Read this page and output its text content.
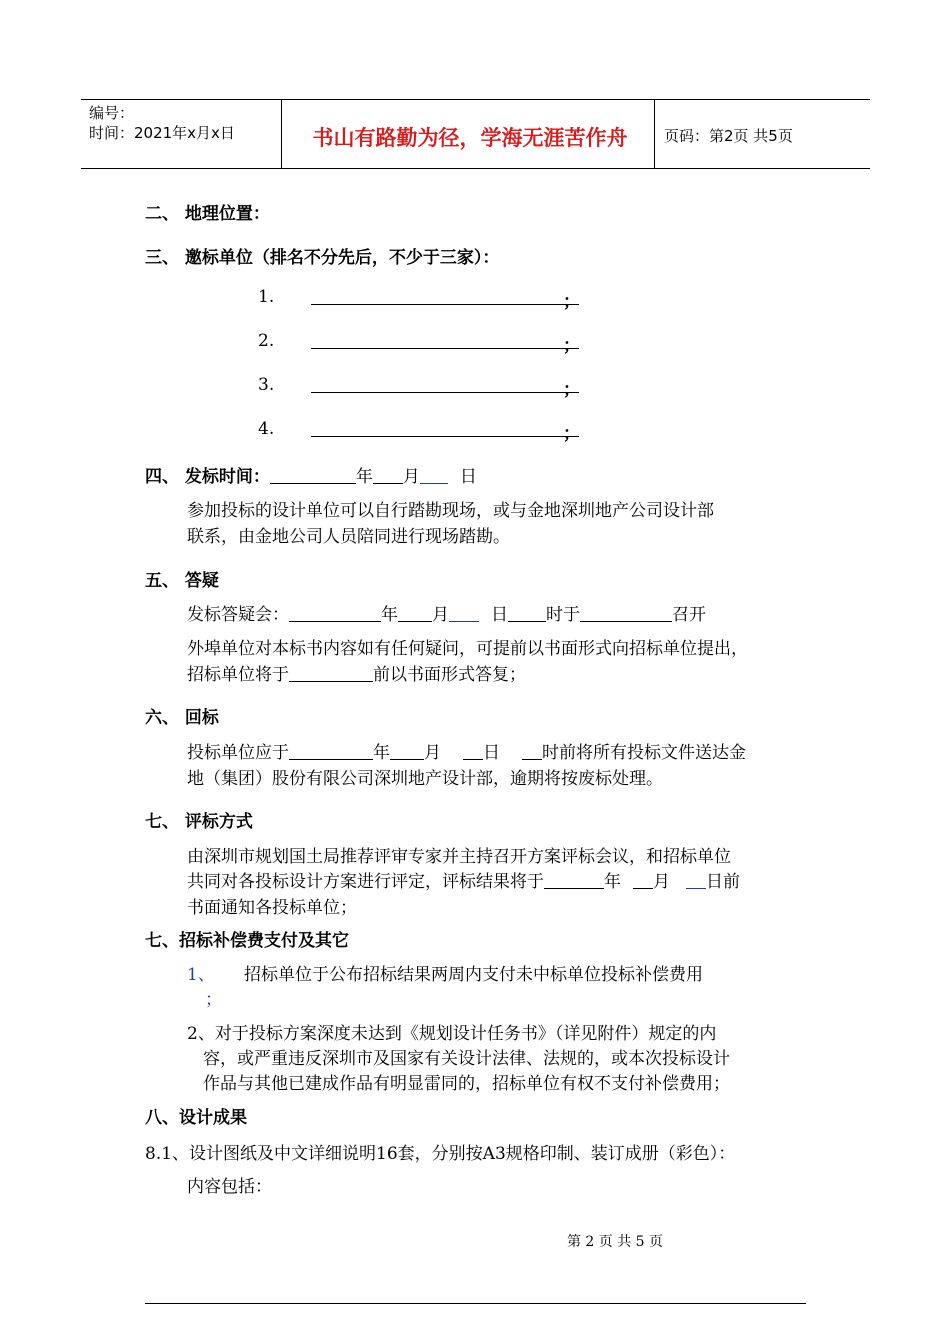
编号：
时间：2021年x月x日	书山有路勤为径，学海无涯苦作舟	页码：第2页 共5页
二、 地理位置：
三、 邀标单位（排名不分先后，不少于三家）：
1.	；
2.	；
3.	；
4.	；
四、 发标时间：	年 月 日
参加投标的设计单位可以自行踏勘现场，或与金地深圳地产公司设计部
联系，由金地公司人员陪同进行现场踏勘。
五、 答疑
发标答疑会：	年 月 日 时于	召开
外埠单位对本标书内容如有任何疑问，可提前以书面形式向招标单位提出，
招标单位将于	前以书面形式答复；
六、 回标
投标单位应于	年 月 日 时前将所有投标文件送达金
地（集团）股份有限公司深圳地产设计部，逾期将按废标处理。
七、 评标方式
由深圳市规划国土局推荐评审专家并主持召开方案评标会议，和招标单位
共同对各投标设计方案进行评定，评标结果将于	年 月 日前
书面通知各投标单位；
七、招标补偿费支付及其它
1、 招标单位于公布招标结果两周内支付未中标单位投标补偿费用
；
2、对于投标方案深度未达到《规划设计任务书》（详见附件）规定的内
容，或严重违反深圳市及国家有关设计法律、法规的，或本次投标设计
作品与其他已建成作品有明显雷同的，招标单位有权不支付补偿费用；
八、设计成果
8.1、设计图纸及中文详细说明16套，分别按A3规格印制、装订成册（彩色）：
内容包括：
第 2 页 共 5 页
